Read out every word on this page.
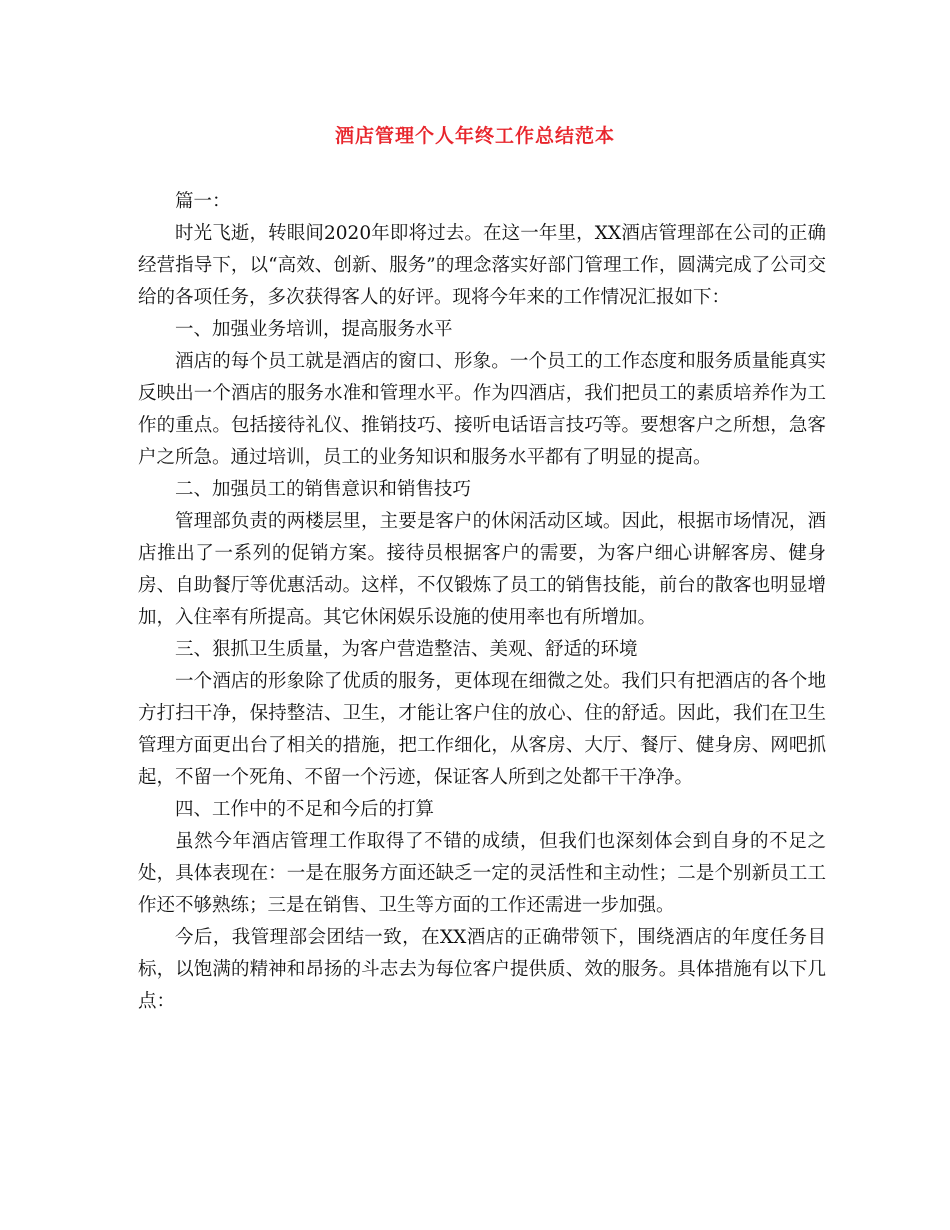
酒店管理个人年终工作总结范本

篇一：

时光飞逝，转眼间2020年即将过去。在这一年里，XX酒店管理部在公司的正确经营指导下，以“高效、创新、服务”的理念落实好部门管理工作，圆满完成了公司交给的各项任务，多次获得客人的好评。现将今年来的工作情况汇报如下：

一、加强业务培训，提高服务水平

酒店的每个员工就是酒店的窗口、形象。一个员工的工作态度和服务质量能真实反映出一个酒店的服务水准和管理水平。作为四酒店，我们把员工的素质培养作为工作的重点。包括接待礼仪、推销技巧、接听电话语言技巧等。要想客户之所想，急客户之所急。通过培训，员工的业务知识和服务水平都有了明显的提高。

二、加强员工的销售意识和销售技巧

管理部负责的两楼层里，主要是客户的休闲活动区域。因此，根据市场情况，酒店推出了一系列的促销方案。接待员根据客户的需要，为客户细心讲解客房、健身房、自助餐厅等优惠活动。这样，不仅锻炼了员工的销售技能，前台的散客也明显增加，入住率有所提高。其它休闲娱乐设施的使用率也有所增加。

三、狠抓卫生质量，为客户营造整洁、美观、舒适的环境

一个酒店的形象除了优质的服务，更体现在细微之处。我们只有把酒店的各个地方打扫干净，保持整洁、卫生，才能让客户住的放心、住的舒适。因此，我们在卫生管理方面更出台了相关的措施，把工作细化，从客房、大厅、餐厅、健身房、网吧抓起，不留一个死角、不留一个污迹，保证客人所到之处都干干净净。

四、工作中的不足和今后的打算

虽然今年酒店管理工作取得了不错的成绩，但我们也深刻体会到自身的不足之处，具体表现在：一是在服务方面还缺乏一定的灵活性和主动性；二是个别新员工工作还不够熟练；三是在销售、卫生等方面的工作还需进一步加强。

今后，我管理部会团结一致，在XX酒店的正确带领下，围绕酒店的年度任务目标，以饱满的精神和昂扬的斗志去为每位客户提供质、效的服务。具体措施有以下几点：
